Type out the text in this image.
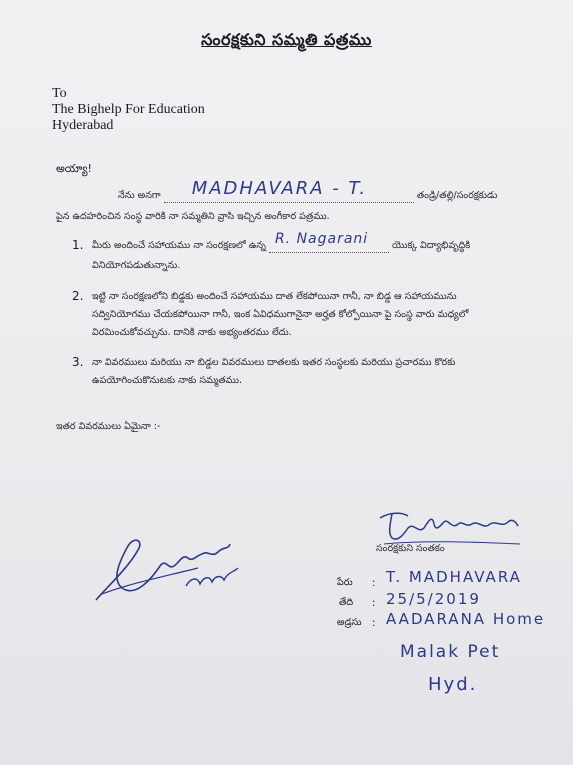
సంరక్షకుని సమ్మతి పత్రము
To
The Bighelp For Education
Hyderabad
అయ్యా!
నేను అనగా MADHAVARA - T.	తండ్రి/తల్లి/సంరక్షకుడు
పైన ఉదహరించిన సంస్థ వారికి నా సమ్మతిని వ్రాసి ఇచ్చిన అంగీకార పత్రము.
1. మీరు అందించే సహాయము నా సంరక్షణలో ఉన్న R. Nagarani	యొక్క విద్యాభివృద్ధికి
వినియోగపడుతున్నాను.
2. ఇట్టి నా సంరక్షణలోని బిడ్డకు అందించే సహాయము దాత లేకపోయినా గానీ, నా బిడ్డ ఆ సహాయమును
సద్వినియోగము చేయకపోయినా గానీ, ఇంక ఏవిధముగానైనా అర్హత కోల్పోయినా పై సంస్థ వారు మధ్యలో
విరమించుకోవచ్చును. దానికి నాకు అభ్యంతరము లేదు.
3. నా వివరములు మరియు నా బిడ్డల వివరములు దాతలకు ఇతర సంస్థలకు మరియు ప్రచారము కొరకు
ఉపయోగించుకొనుటకు నాకు సమ్మతము.
ఇతర వివరములు ఏమైనా :-
సంరక్షకుని సంతకం
పేరు : T. MADHAVARA
తేది : 25/5/2019
అడ్రసు : AADARANA Home
Malak Pet
Hyd.
